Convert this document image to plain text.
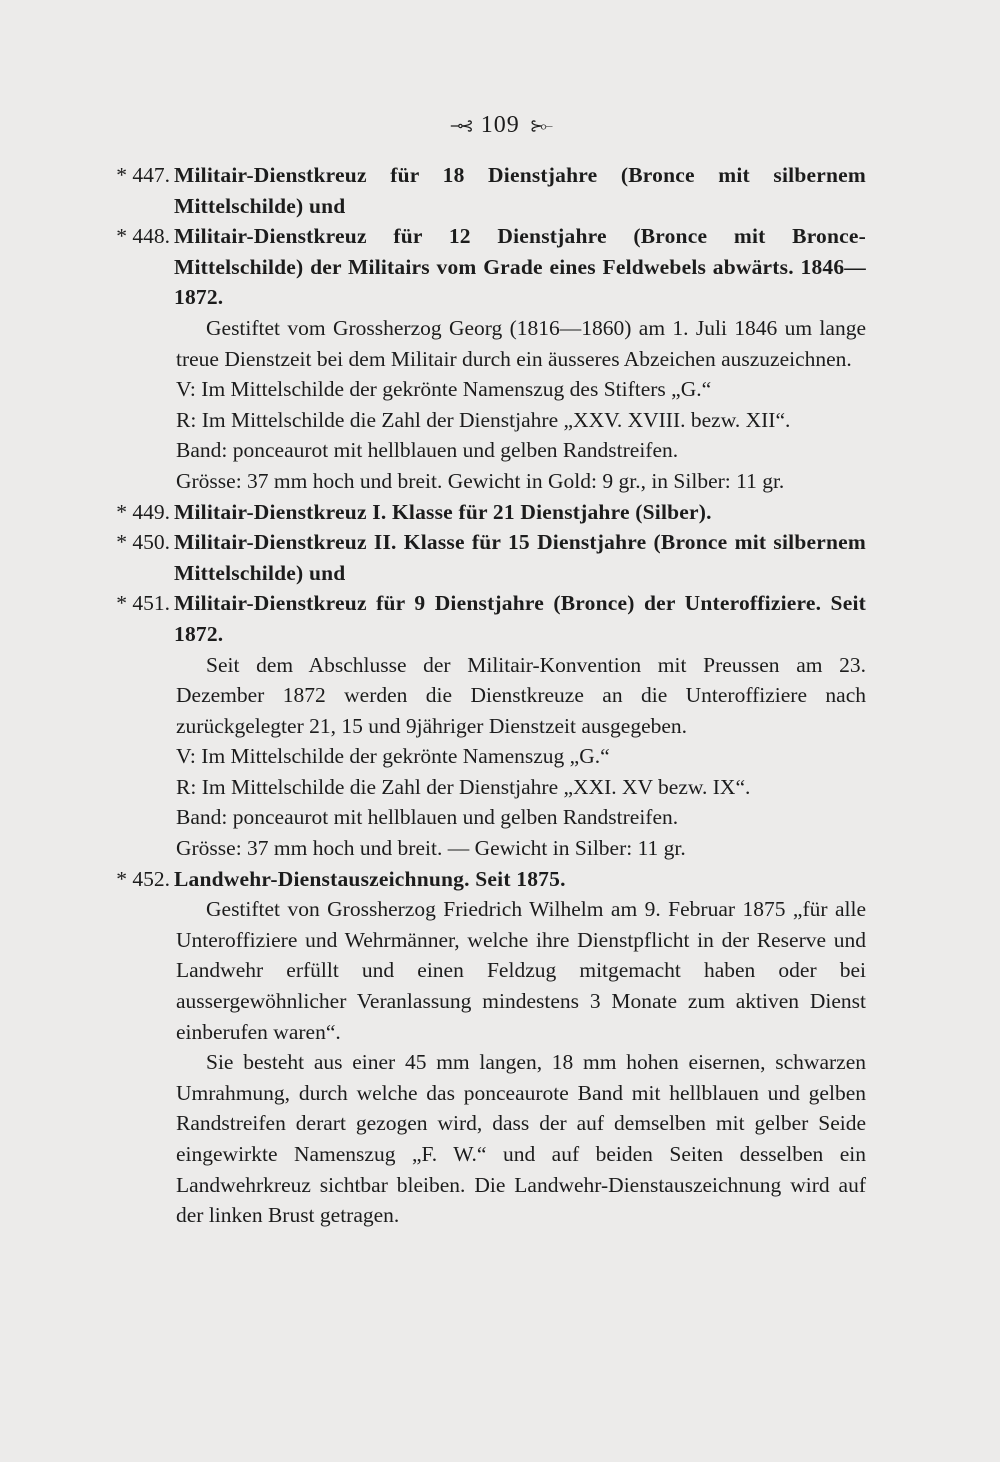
⊸⊰ 109 ⊱⟜
* 447. Militair-Dienstkreuz für 18 Dienstjahre (Bronce mit silbernem Mittelschilde) und
* 448. Militair-Dienstkreuz für 12 Dienstjahre (Bronce mit Bronce-Mittelschilde) der Militairs vom Grade eines Feldwebels abwärts. 1846—1872.
Gestiftet vom Grossherzog Georg (1816—1860) am 1. Juli 1846 um lange treue Dienstzeit bei dem Militair durch ein äusseres Abzeichen auszuzeichnen.
V: Im Mittelschilde der gekrönte Namenszug des Stifters „G.“
R: Im Mittelschilde die Zahl der Dienstjahre „XXV. XVIII. bezw. XII“.
Band: ponceaurot mit hellblauen und gelben Randstreifen.
Grösse: 37 mm hoch und breit. Gewicht in Gold: 9 gr., in Silber: 11 gr.
* 449. Militair-Dienstkreuz I. Klasse für 21 Dienstjahre (Silber).
* 450. Militair-Dienstkreuz II. Klasse für 15 Dienstjahre (Bronce mit silbernem Mittelschilde) und
* 451. Militair-Dienstkreuz für 9 Dienstjahre (Bronce) der Unteroffiziere. Seit 1872.
Seit dem Abschlusse der Militair-Konvention mit Preussen am 23. Dezember 1872 werden die Dienstkreuze an die Unteroffiziere nach zurückgelegter 21, 15 und 9jähriger Dienstzeit ausgegeben.
V: Im Mittelschilde der gekrönte Namenszug „G.“
R: Im Mittelschilde die Zahl der Dienstjahre „XXI. XV bezw. IX“.
Band: ponceaurot mit hellblauen und gelben Randstreifen.
Grösse: 37 mm hoch und breit. — Gewicht in Silber: 11 gr.
* 452. Landwehr-Dienstauszeichnung. Seit 1875.
Gestiftet von Grossherzog Friedrich Wilhelm am 9. Februar 1875 „für alle Unteroffiziere und Wehrmänner, welche ihre Dienstpflicht in der Reserve und Landwehr erfüllt und einen Feldzug mitgemacht haben oder bei aussergewöhnlicher Veranlassung mindestens 3 Monate zum aktiven Dienst einberufen waren“.
Sie besteht aus einer 45 mm langen, 18 mm hohen eisernen, schwarzen Umrahmung, durch welche das ponceaurote Band mit hellblauen und gelben Randstreifen derart gezogen wird, dass der auf demselben mit gelber Seide eingewirkte Namenszug „F. W.“ und auf beiden Seiten desselben ein Landwehrkreuz sichtbar bleiben. Die Landwehr-Dienstauszeichnung wird auf der linken Brust getragen.
